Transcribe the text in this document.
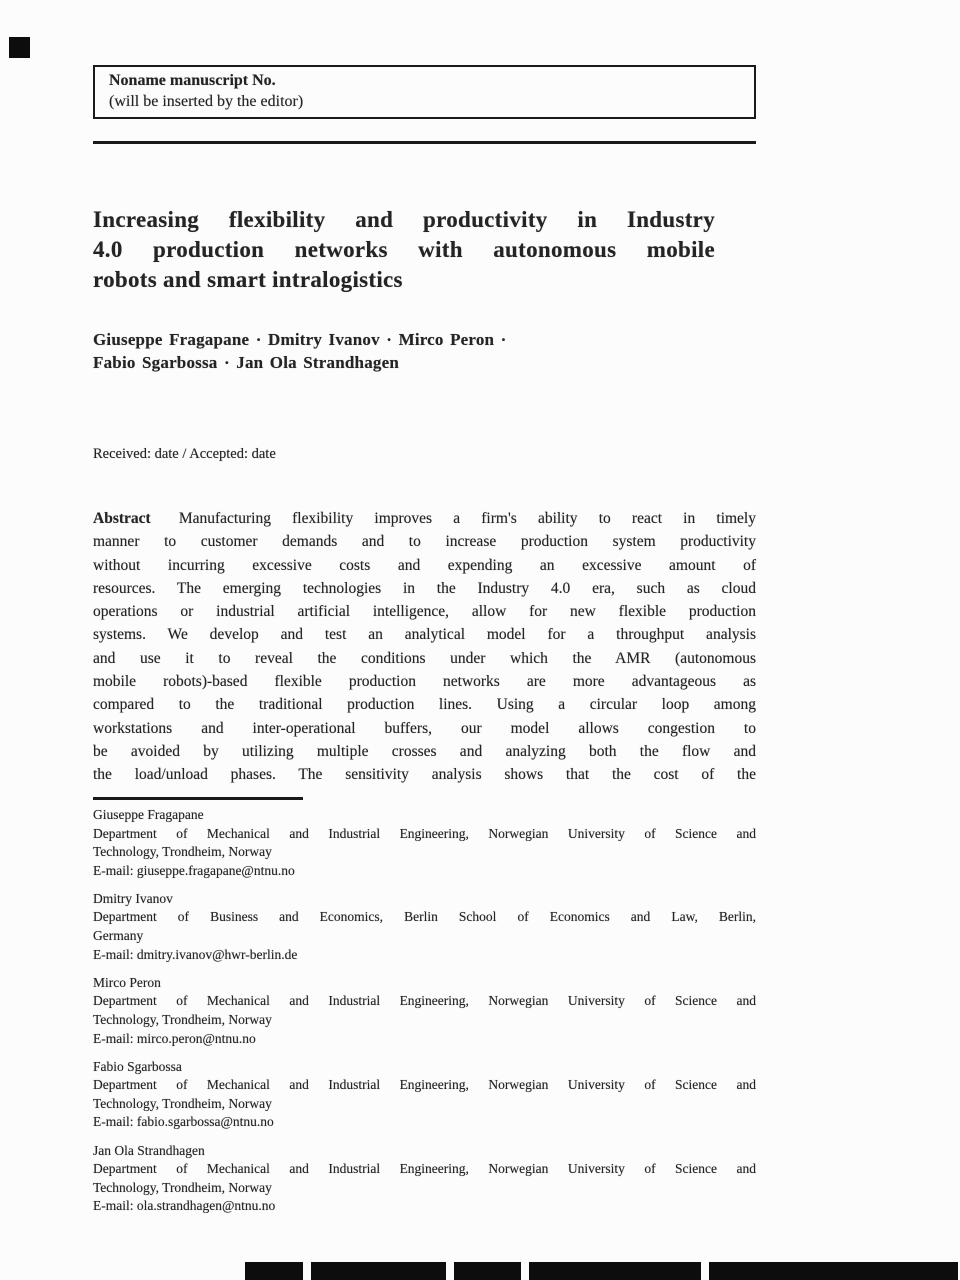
Noname manuscript No.
(will be inserted by the editor)
Increasing flexibility and productivity in Industry
4.0 production networks with autonomous mobile
robots and smart intralogistics
Giuseppe Fragapane · Dmitry Ivanov · Mirco Peron ·
Fabio Sgarbossa · Jan Ola Strandhagen
Received: date / Accepted: date
Abstract Manufacturing flexibility improves a firm's ability to react in timely
manner to customer demands and to increase production system productivity
without incurring excessive costs and expending an excessive amount of
resources. The emerging technologies in the Industry 4.0 era, such as cloud
operations or industrial artificial intelligence, allow for new flexible production
systems. We develop and test an analytical model for a throughput analysis
and use it to reveal the conditions under which the AMR (autonomous
mobile robots)-based flexible production networks are more advantageous as
compared to the traditional production lines. Using a circular loop among
workstations and inter-operational buffers, our model allows congestion to
be avoided by utilizing multiple crosses and analyzing both the flow and
the load/unload phases. The sensitivity analysis shows that the cost of the
Giuseppe Fragapane
Department of Mechanical and Industrial Engineering, Norwegian University of Science and
Technology, Trondheim, Norway
E-mail: giuseppe.fragapane@ntnu.no
Dmitry Ivanov
Department of Business and Economics, Berlin School of Economics and Law, Berlin,
Germany
E-mail: dmitry.ivanov@hwr-berlin.de
Mirco Peron
Department of Mechanical and Industrial Engineering, Norwegian University of Science and
Technology, Trondheim, Norway
E-mail: mirco.peron@ntnu.no
Fabio Sgarbossa
Department of Mechanical and Industrial Engineering, Norwegian University of Science and
Technology, Trondheim, Norway
E-mail: fabio.sgarbossa@ntnu.no
Jan Ola Strandhagen
Department of Mechanical and Industrial Engineering, Norwegian University of Science and
Technology, Trondheim, Norway
E-mail: ola.strandhagen@ntnu.no
